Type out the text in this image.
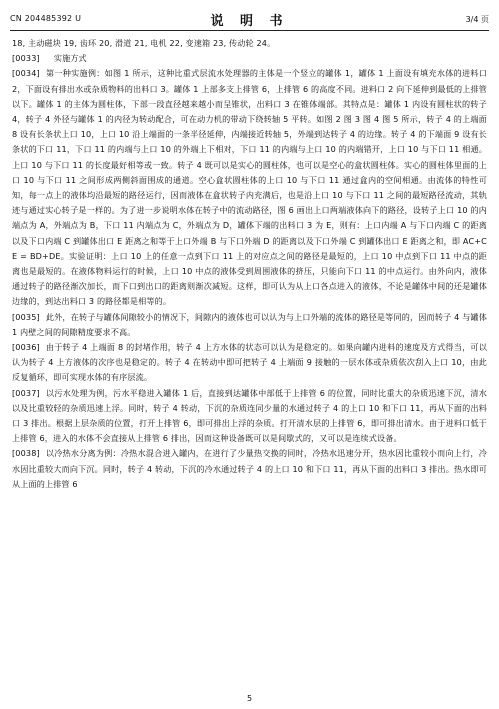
CN 204485392 U	说 明 书	3/4 页

18, 主动磁块 19, 齿环 20, 滑道 21, 电机 22, 变速箱 23, 传动轮 24。

[0033] 实施方式

[0034] 第一种实施例：如图 1 所示，这种比重式层流水处理器的主体是一个竖立的罐体 1，罐体 1 上面设有填充水体的进料口 2，下面设有排出水或杂质物料的出料口 3。罐体 1 上部多支上排管 6，上排管 6 的高度不同。进料口 2 向下延伸到最低的上排管以下。罐体 1 的主体为圆柱体，下部一段直径越来越小而呈锥状，出料口 3 在锥体端部。其特点是：罐体 1 内设有圆柱状的转子 4，转子 4 外径与罐体 1 的内径为转动配合，可在动力机的带动下绕转轴 5 平转。如图 2 图 3 图 4 图 5 所示，转子 4 的上端面 8 设有长条状上口 10，上口 10 沿上端面的一条半径延伸，内端接近转轴 5，外端到达转子 4 的边缘。转子 4 的下端面 9 设有长条状的下口 11，下口 11 的内端与上口 10 的外端上下相对，下口 11 的内端与上口 10 的内端错开，上口 10 与下口 11 相通。上口 10 与下口 11 的长度最好相等或一致。转子 4 既可以是实心的圆柱体，也可以是空心的盒状圆柱体。实心的圆柱体里面的上口 10 与下口 11 之间形成两侧斜面围成的通道。空心盒状圆柱体的上口 10 与下口 11 通过盒内的空间相通。由流体的特性可知，每一点上的液体均沿最短的路径运行，因而液体在盒状转子内充满后，也是沿上口 10 与下口 11 之间的最短路径流动，其轨迹与通过实心转子是一样的。为了进一步说明水体在转子中的流动路径，图 6 画出上口两端液体向下的路径，设转子上口 10 的内端点为 A，外端点为 B，下口 11 内端点为 C，外端点为 D，罐体下端的出料口 3 为 E，则有：上口内端 A 与下口内端 C 的距离以及下口内端 C 到罐体出口 E 距离之和等于上口外端 B 与下口外端 D 的距离以及下口外端 C 到罐体出口 E 距离之和，即 AC+CE = BD+DE。实验证明：上口 10 上的任意一点到下口 11 上的对应点之间的路径是最短的，上口 10 中点到下口 11 中点的距离也是最短的。在液体物料运行的时候，上口 10 中点的液体受到周围液体的挤压，只能向下口 11 的中点运行。由外向内，液体通过转子的路径渐次加长，而下口到出口的距离则渐次减短。这样，即可认为从上口各点进入的液体，不论是罐体中间的还是罐体边缘的，到达出料口 3 的路径都是相等的。

[0035] 此外，在转子与罐体间隙较小的情况下，间隙内的液体也可以认为与上口外端的流体的路径是等同的，因而转子 4 与罐体 1 内壁之间的间隙精度要求不高。

[0036] 由于转子 4 上端面 8 的封堵作用，转子 4 上方水体的状态可以认为是稳定的。如果向罐内进料的速度及方式得当，可以认为转子 4 上方液体的次序也是稳定的。转子 4 在转动中即可把转子 4 上端面 9 接触的一层水体或杂质依次刮入上口 10，由此反复循环，即可实现水体的有序层流。

[0037] 以污水处理为例，污水平稳进入罐体 1 后，直接到达罐体中部低于上排管 6 的位置，同时比重大的杂质迅速下沉，清水以及比重较轻的杂质迅速上浮。同时，转子 4 转动，下沉的杂质连同少量的水通过转子 4 的上口 10 和下口 11，再从下面的出料口 3 排出。根据上层杂质的位置，打开上排管 6，即可排出上浮的杂质。打开清水层的上排管 6，即可排出清水。由于进料口低于上排管 6，进入的水体不会直接从上排管 6 排出，因而这种设备既可以是间歇式的，又可以是连续式设备。

[0038] 以冷热水分离为例：冷热水混合进入罐内，在进行了少量热交换的同时，冷热水迅速分开，热水因比重较小而向上行，冷水因比重较大而向下沉。同时，转子 4 转动，下沉的冷水通过转子 4 的上口 10 和下口 11，再从下面的出料口 3 排出。热水即可从上面的上排管 6

5
